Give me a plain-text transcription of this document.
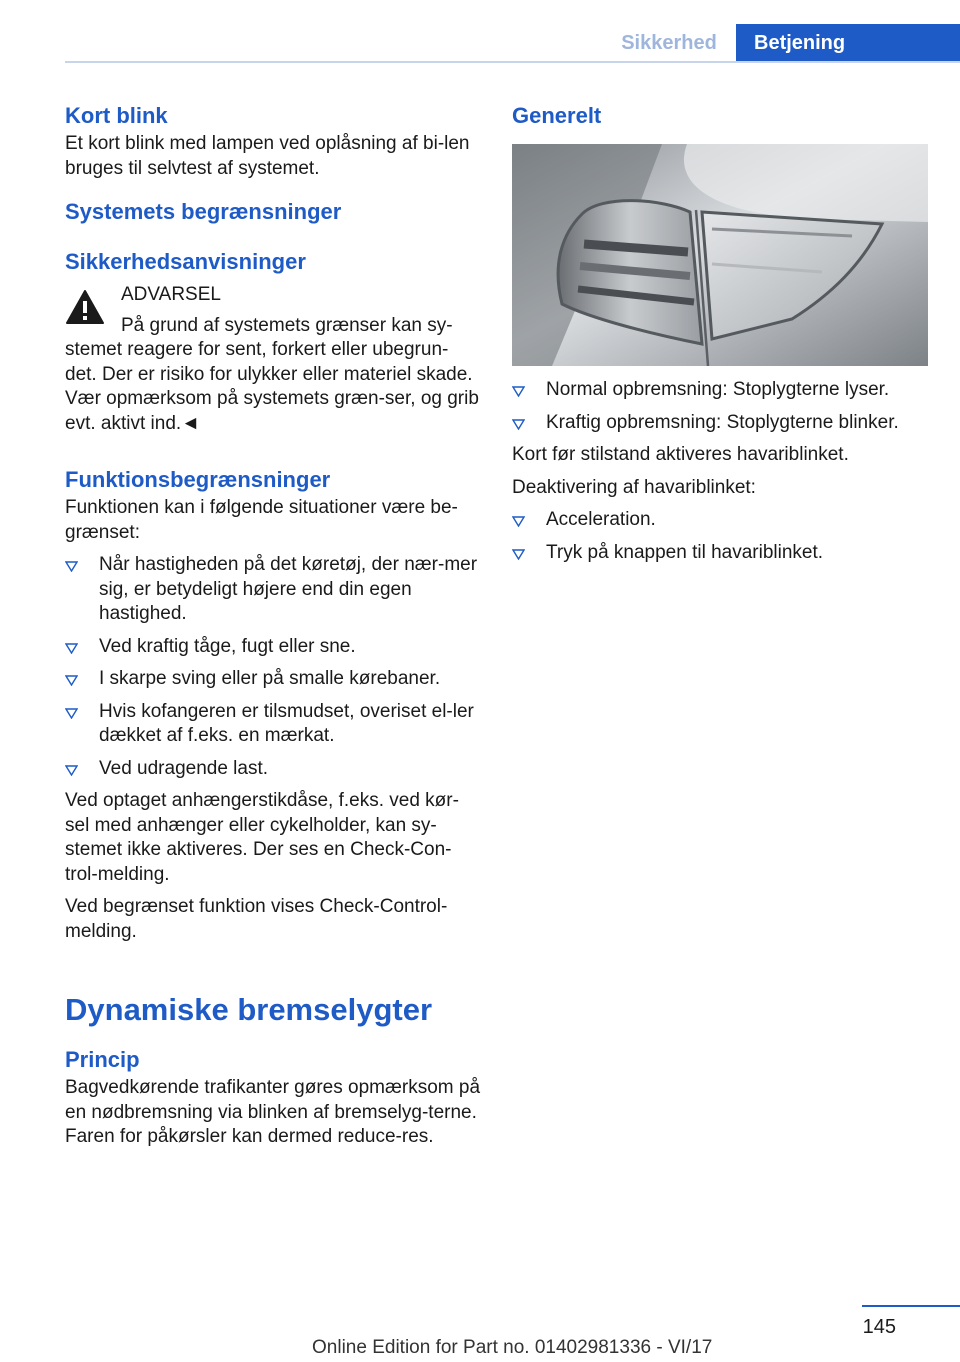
Sikkerhed	Betjening
Kort blink

Et kort blink med lampen ved oplåsning af bi-len bruges til selvtest af systemet.

Systemets begrænsninger
Sikkerhedsanvisninger
ADVARSEL
På grund af systemets grænser kan sy-

stemet reagere for sent, forkert eller ubegrun-det. Der er risiko for ulykker eller materiel skade. Vær opmærksom på systemets græn-ser, og grib evt. aktivt ind.◄

Funktionsbegrænsninger

Funktionen kan i følgende situationer være be-grænset:

Når hastigheden på det køretøj, der nær-mer sig, er betydeligt højere end din egen hastighed.
Ved kraftig tåge, fugt eller sne.
I skarpe sving eller på smalle kørebaner.
Hvis kofangeren er tilsmudset, overiset el-ler dækket af f.eks. en mærkat.
Ved udragende last.

Ved optaget anhængerstikdåse, f.eks. ved kør-sel med anhænger eller cykelholder, kan sy-stemet ikke aktiveres. Der ses en Check-Con-trol-melding.

Ved begrænset funktion vises Check-Control-melding.

Dynamiske bremselygter
Princip

Bagvedkørende trafikanter gøres opmærksom på en nødbremsning via blinken af bremselyg-terne. Faren for påkørsler kan dermed reduce-res.

Generelt
Normal opbremsning: Stoplygterne lyser.
Kraftig opbremsning: Stoplygterne blinker.

Kort før stilstand aktiveres havariblinket.

Deaktivering af havariblinket:

Acceleration.
Tryk på knappen til havariblinket.
145
Online Edition for Part no. 01402981336 - VI/17
